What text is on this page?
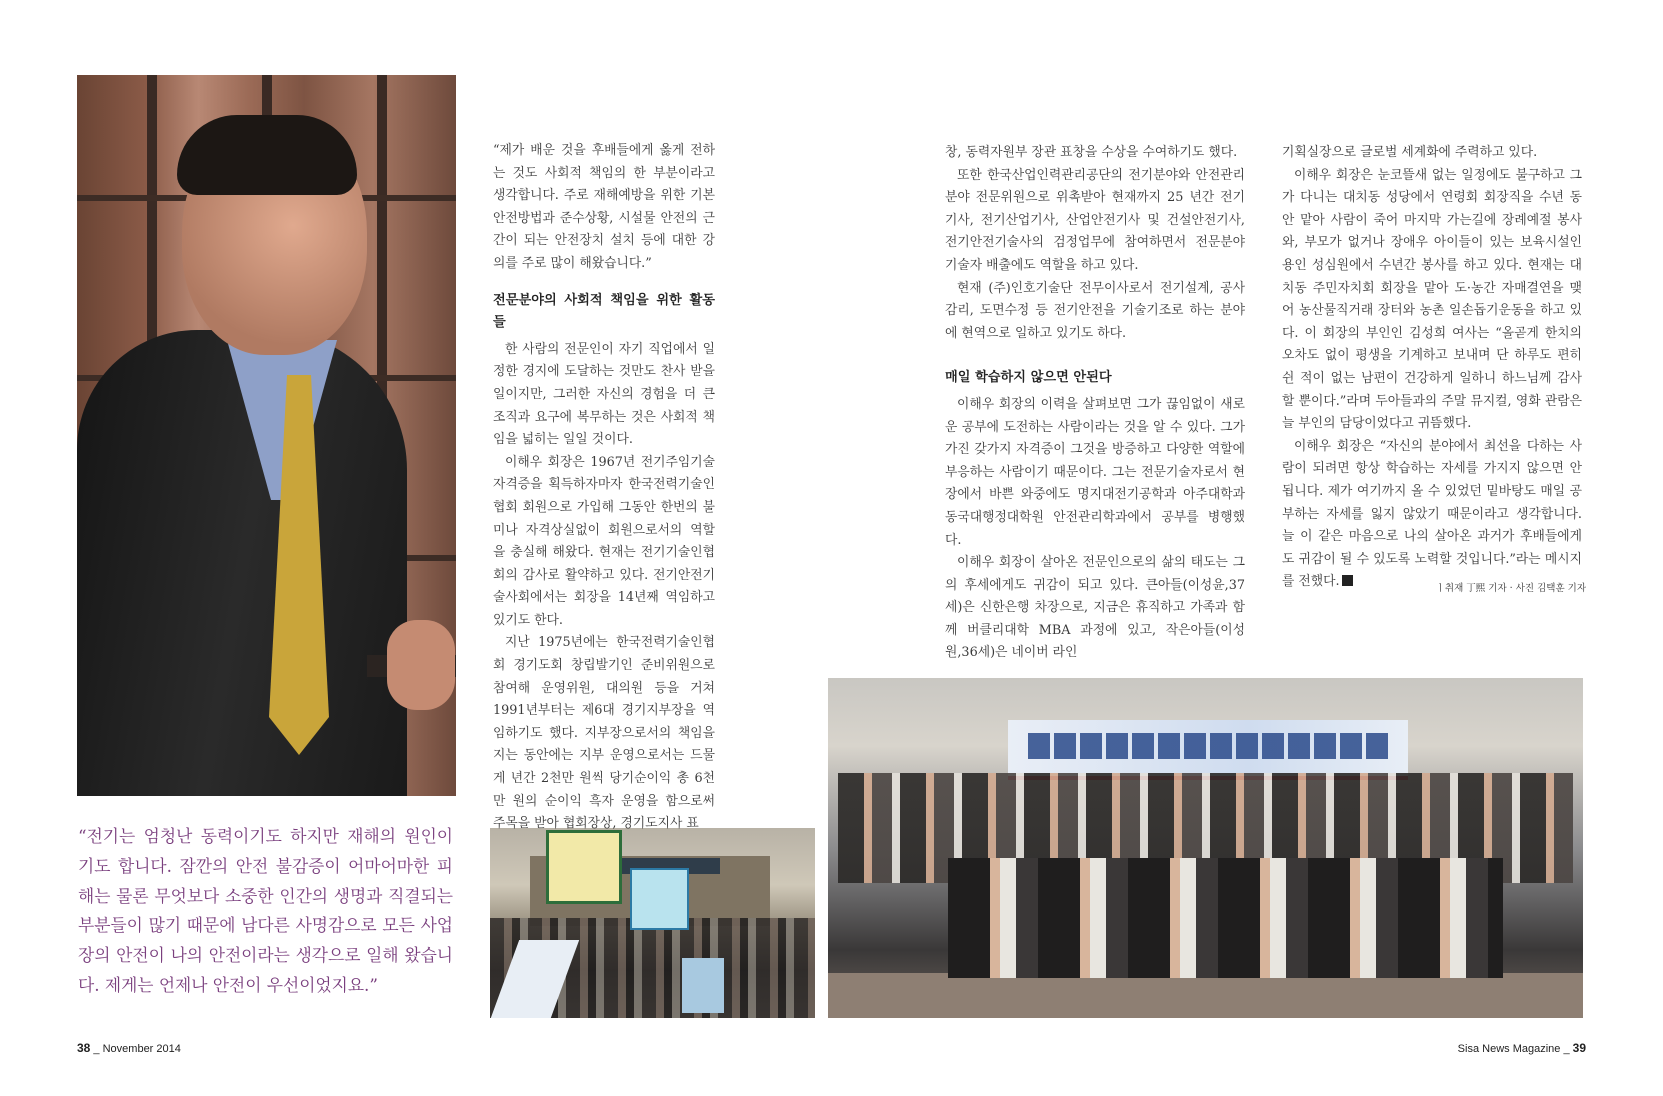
“제가 배운 것을 후배들에게 옳게 전하는 것도 사회적 책임의 한 부분이라고 생각합니다. 주로 재해예방을 위한 기본안전방법과 준수상황, 시설물 안전의 근간이 되는 안전장치 설치 등에 대한 강의를 주로 많이 해왔습니다.”

전문분야의 사회적 책임을 위한 활동들

한 사람의 전문인이 자기 직업에서 일정한 경지에 도달하는 것만도 찬사 받을 일이지만, 그러한 자신의 경험을 더 큰 조직과 요구에 복무하는 것은 사회적 책임을 넓히는 일일 것이다.

이해우 회장은 1967년 전기주임기술자격증을 획득하자마자 한국전력기술인협회 회원으로 가입해 그동안 한번의 불미나 자격상실없이 회원으로서의 역할을 충실해 해왔다. 현재는 전기기술인협회의 감사로 활약하고 있다. 전기안전기술사회에서는 회장을 14년째 역임하고 있기도 한다.

지난 1975년에는 한국전력기술인협회 경기도회 창립발기인 준비위원으로 참여해 운영위원, 대의원 등을 거쳐 1991년부터는 제6대 경기지부장을 역임하기도 했다. 지부장으로서의 책임을 지는 동안에는 지부 운영으로서는 드물게 년간 2천만 원씩 당기순이익 총 6천만 원의 순이익 흑자 운영을 함으로써 주목을 받아 협회장상, 경기도지사 표

창, 동력자원부 장관 표창을 수상을 수여하기도 했다.

또한 한국산업인력관리공단의 전기분야와 안전관리분야 전문위원으로 위촉받아 현재까지 25 년간 전기기사, 전기산업기사, 산업안전기사 및 건설안전기사, 전기안전기술사의 검정업무에 참여하면서 전문분야 기술자 배출에도 역할을 하고 있다.

현재 (주)인호기술단 전무이사로서 전기설계, 공사감리, 도면수정 등 전기안전을 기술기조로 하는 분야에 현역으로 일하고 있기도 하다.

매일 학습하지 않으면 안된다

이해우 회장의 이력을 살펴보면 그가 끊임없이 새로운 공부에 도전하는 사람이라는 것을 알 수 있다. 그가 가진 갖가지 자격증이 그것을 방증하고 다양한 역할에 부응하는 사람이기 때문이다. 그는 전문기술자로서 현장에서 바쁜 와중에도 명지대전기공학과 아주대학과 동국대행정대학원 안전관리학과에서 공부를 병행했다.

이해우 회장이 살아온 전문인으로의 삶의 태도는 그의 후세에게도 귀감이 되고 있다. 큰아들(이성윤,37세)은 신한은행 차장으로, 지금은 휴직하고 가족과 함께 버클리대학 MBA 과정에 있고, 작은아들(이성원,36세)은 네이버 라인

기획실장으로 글로벌 세계화에 주력하고 있다.

이해우 회장은 눈코뜰새 없는 일정에도 불구하고 그가 다니는 대치동 성당에서 연령회 회장직을 수년 동안 맡아 사람이 죽어 마지막 가는길에 장례예절 봉사와, 부모가 없거나 장애우 아이들이 있는 보육시설인 용인 성심원에서 수년간 봉사를 하고 있다. 현재는 대치동 주민자치회 회장을 맡아 도·농간 자매결연을 맺어 농산물직거래 장터와 농촌 일손돕기운동을 하고 있다. 이 회장의 부인인 김성희 여사는 “올곧게 한치의 오차도 없이 평생을 기계하고 보내며 단 하루도 편히 쉰 적이 없는 남편이 건강하게 일하니 하느님께 감사할 뿐이다.”라며 두아들과의 주말 뮤지컬, 영화 관람은 늘 부인의 담당이었다고 귀뜸했다.

이해우 회장은 “자신의 분야에서 최선을 다하는 사람이 되려면 항상 학습하는 자세를 가지지 않으면 안됩니다. 제가 여기까지 올 수 있었던 밑바탕도 매일 공부하는 자세를 잃지 않았기 때문이라고 생각합니다. 늘 이 같은 마음으로 나의 살아온 과거가 후배들에게도 귀감이 될 수 있도록 노력할 것입니다.”라는 메시지를 전했다.	ㅣ취재 丁熙 기자 · 사진 김택훈 기자
“전기는 엄청난 동력이기도 하지만 재해의 원인이기도 합니다. 잠깐의 안전 불감증이 어마어마한 피해는 물론 무엇보다 소중한 인간의 생명과 직결되는 부분들이 많기 때문에 남다른 사명감으로 모든 사업장의 안전이 나의 안전이라는 생각으로 일해 왔습니다. 제게는 언제나 안전이 우선이었지요.”
38 _ November 2014	Sisa News Magazine _ 39
